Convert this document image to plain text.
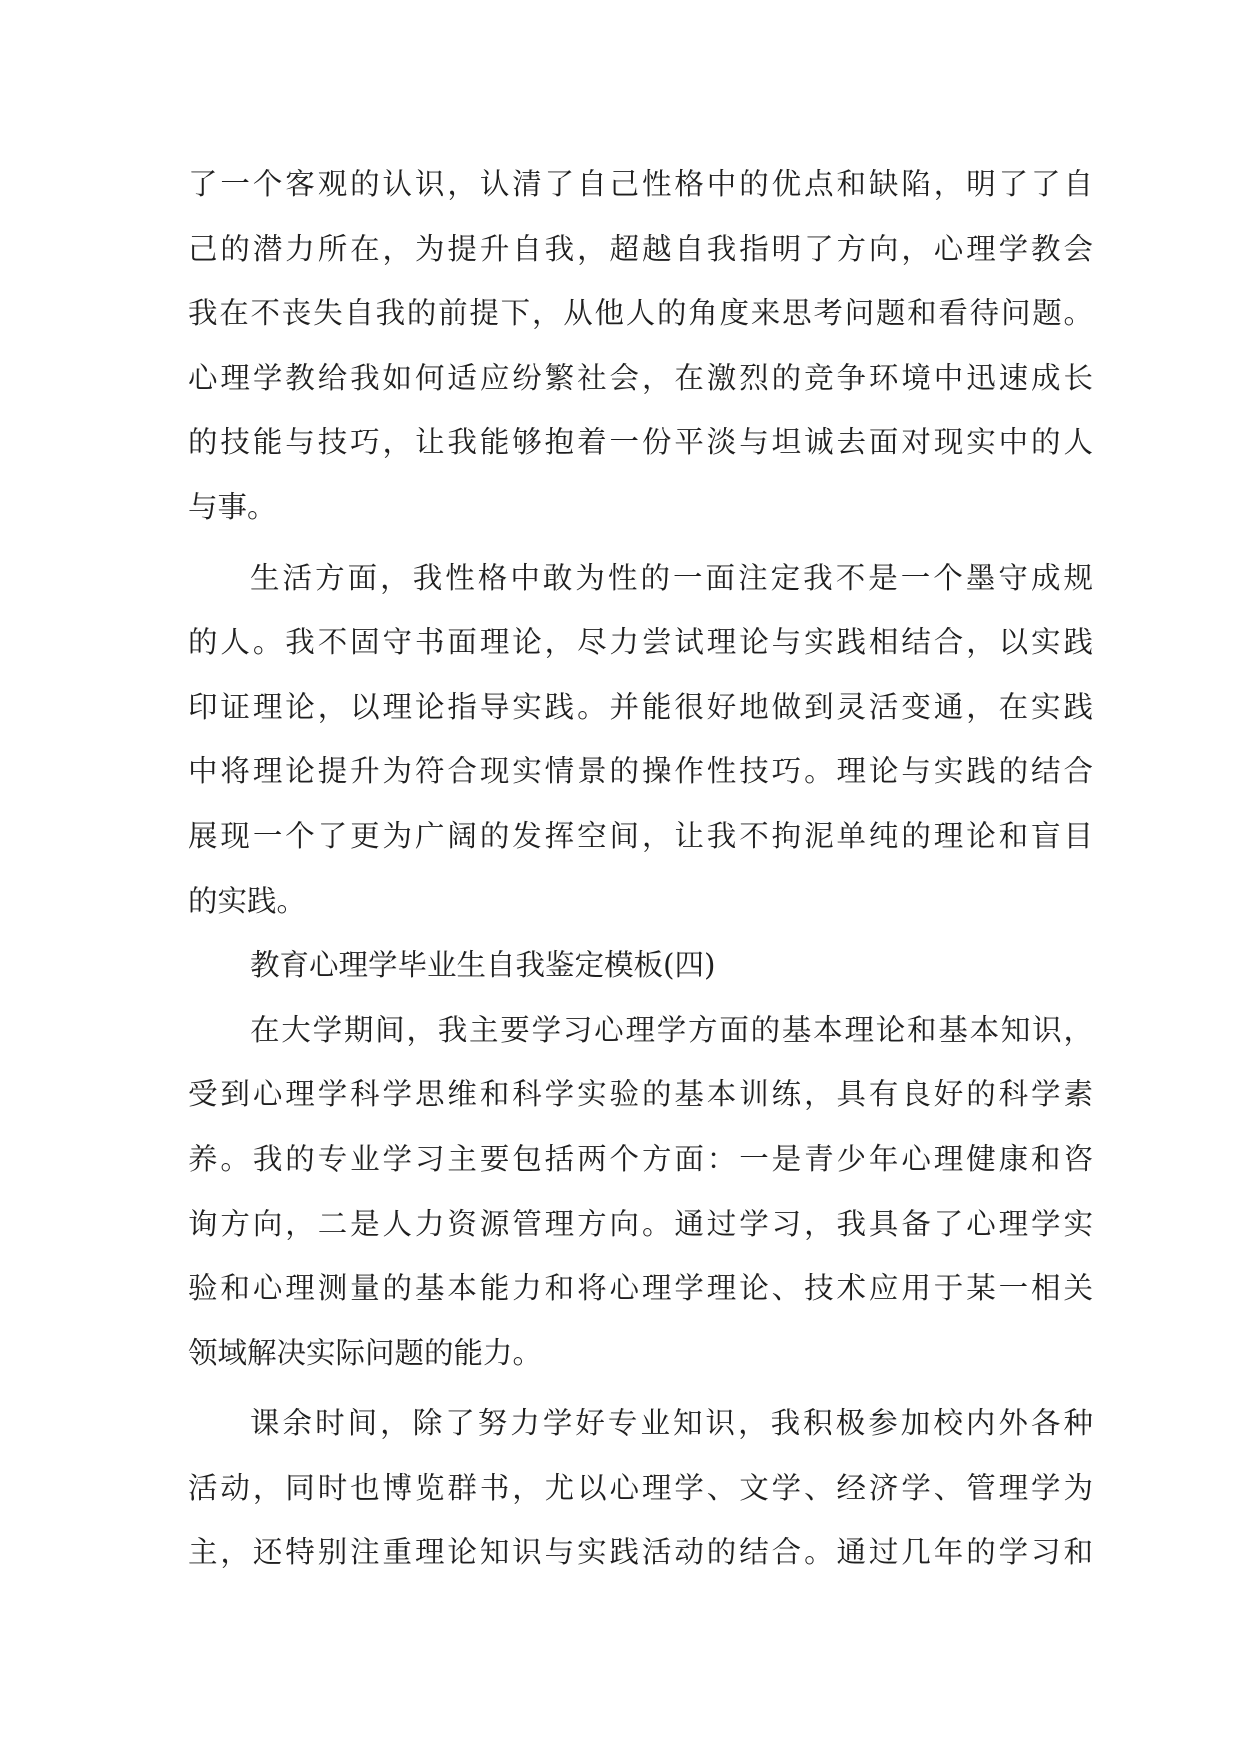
了一个客观的认识，认清了自己性格中的优点和缺陷，明了了自
己的潜力所在，为提升自我，超越自我指明了方向，心理学教会
我在不丧失自我的前提下，从他人的角度来思考问题和看待问题。
心理学教给我如何适应纷繁社会，在激烈的竞争环境中迅速成长
的技能与技巧，让我能够抱着一份平淡与坦诚去面对现实中的人
与事。
生活方面，我性格中敢为性的一面注定我不是一个墨守成规
的人。我不固守书面理论，尽力尝试理论与实践相结合，以实践
印证理论，以理论指导实践。并能很好地做到灵活变通，在实践
中将理论提升为符合现实情景的操作性技巧。理论与实践的结合
展现一个了更为广阔的发挥空间，让我不拘泥单纯的理论和盲目
的实践。
教育心理学毕业生自我鉴定模板(四)
在大学期间，我主要学习心理学方面的基本理论和基本知识，
受到心理学科学思维和科学实验的基本训练，具有良好的科学素
养。我的专业学习主要包括两个方面：一是青少年心理健康和咨
询方向，二是人力资源管理方向。通过学习，我具备了心理学实
验和心理测量的基本能力和将心理学理论、技术应用于某一相关
领域解决实际问题的能力。
课余时间，除了努力学好专业知识，我积极参加校内外各种
活动，同时也博览群书，尤以心理学、文学、经济学、管理学为
主，还特别注重理论知识与实践活动的结合。通过几年的学习和
